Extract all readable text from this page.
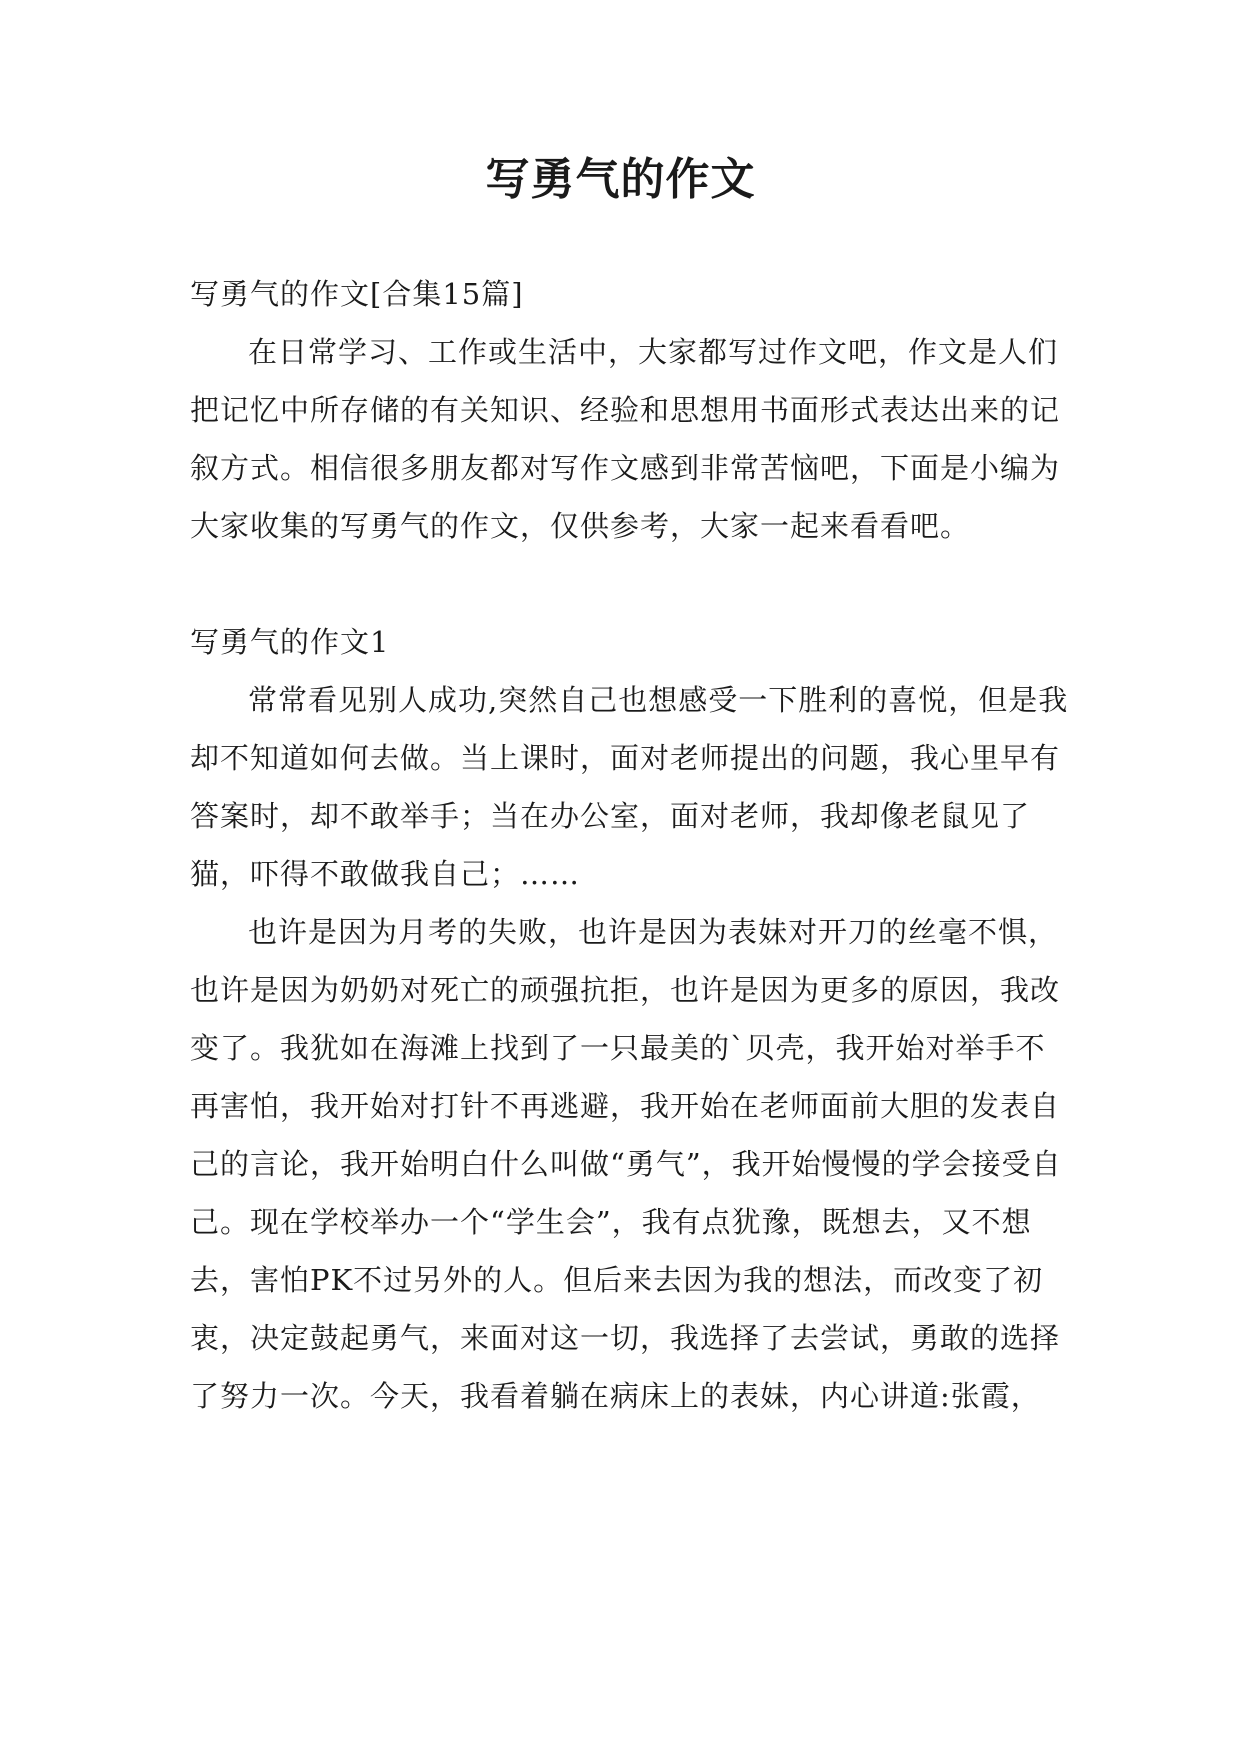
写勇气的作文

写勇气的作文[合集15篇]

在日常学习、工作或生活中，大家都写过作文吧，作文是人们把记忆中所存储的有关知识、经验和思想用书面形式表达出来的记叙方式。相信很多朋友都对写作文感到非常苦恼吧，下面是小编为大家收集的写勇气的作文，仅供参考，大家一起来看看吧。

写勇气的作文1

常常看见别人成功,突然自己也想感受一下胜利的喜悦，但是我却不知道如何去做。当上课时，面对老师提出的问题，我心里早有答案时，却不敢举手；当在办公室，面对老师，我却像老鼠见了猫，吓得不敢做我自己；……

也许是因为月考的失败，也许是因为表妹对开刀的丝毫不惧，也许是因为奶奶对死亡的顽强抗拒，也许是因为更多的原因，我改变了。我犹如在海滩上找到了一只最美的`贝壳，我开始对举手不再害怕，我开始对打针不再逃避，我开始在老师面前大胆的发表自己的言论，我开始明白什么叫做“勇气”，我开始慢慢的学会接受自己。现在学校举办一个“学生会”，我有点犹豫，既想去，又不想去，害怕PK不过另外的人。但后来去因为我的想法，而改变了初衷，决定鼓起勇气，来面对这一切，我选择了去尝试，勇敢的选择了努力一次。今天，我看着躺在病床上的表妹，内心讲道:张霞，
